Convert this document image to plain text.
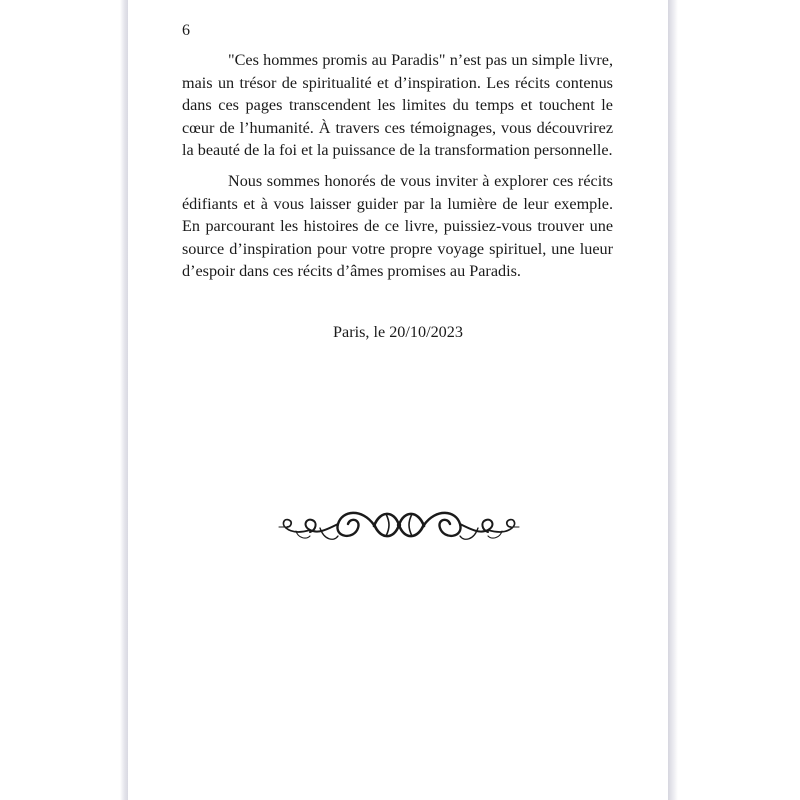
6

"Ces hommes promis au Paradis" n’est pas un simple livre, mais un trésor de spiritualité et d’inspiration. Les récits contenus dans ces pages transcendent les limites du temps et touchent le cœur de l’humanité. À travers ces témoignages, vous découvrirez la beauté de la foi et la puissance de la transformation personnelle.

Nous sommes honorés de vous inviter à explorer ces récits édifiants et à vous laisser guider par la lumière de leur exemple. En parcourant les histoires de ce livre, puissiez-vous trouver une source d’inspiration pour votre propre voyage spirituel, une lueur d’espoir dans ces récits d’âmes promises au Paradis.

Paris, le 20/10/2023
